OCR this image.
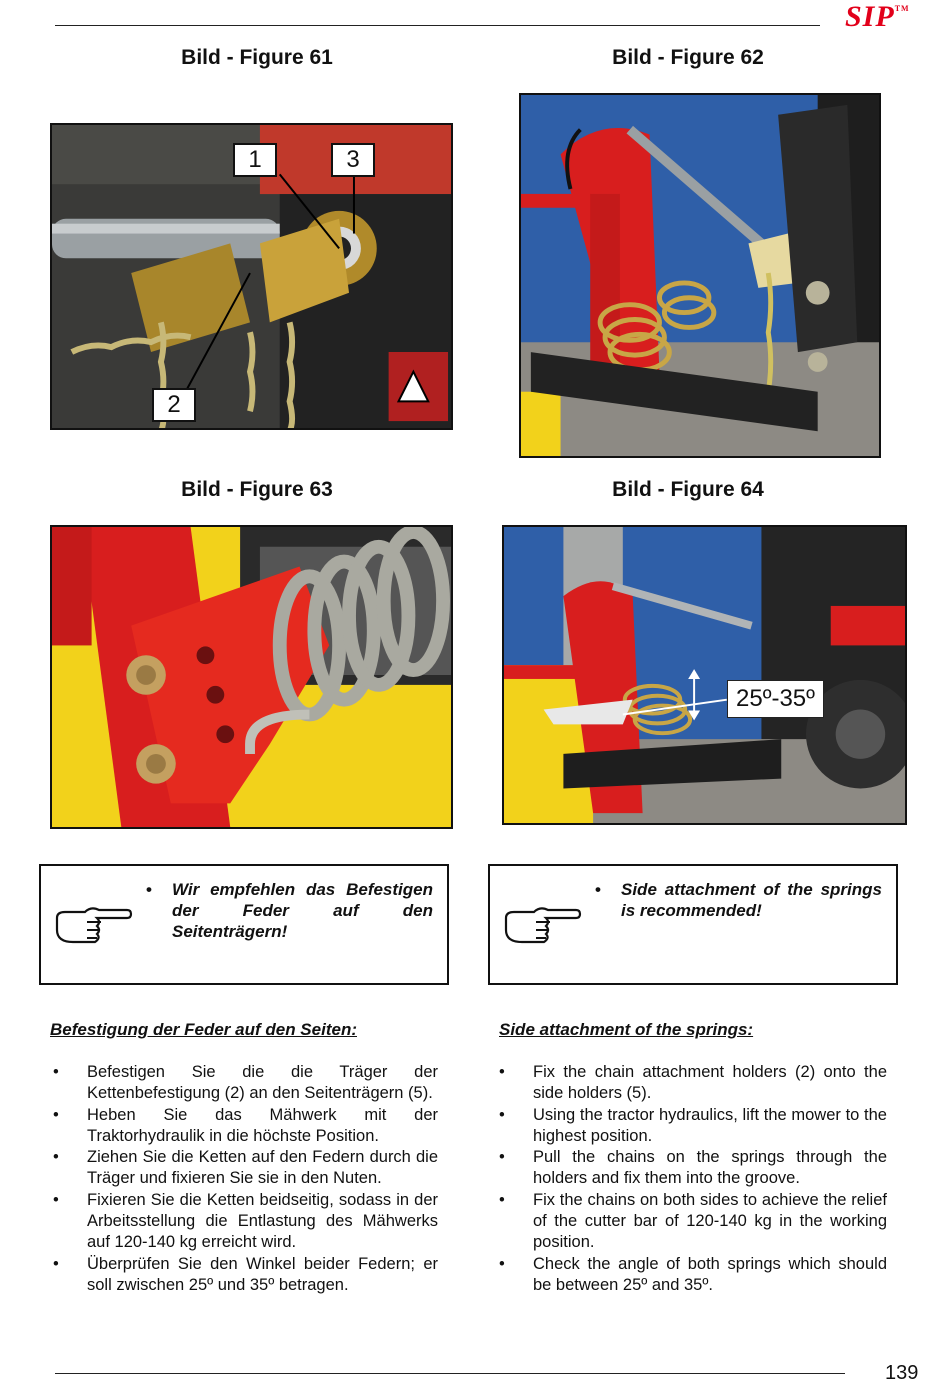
SIP™
Bild - Figure 61	Bild - Figure 62
Bild - Figure 63	Bild - Figure 64
1	3
2
25º-35º
• Wir empfehlen das Befestigen der Feder auf den Seitenträgern!
• Side attachment of the springs is recommended!
Befestigung der Feder auf den Seiten:	Side attachment of the springs:
• Befestigen Sie die die Träger der Kettenbefestigung (2) an den Seitenträgern (5).
• Heben Sie das Mähwerk mit der Traktorhydraulik in die höchste Position.
• Ziehen Sie die Ketten auf den Federn durch die Träger und fixieren Sie sie in den Nuten.
• Fixieren Sie die Ketten beidseitig, sodass in der Arbeitsstellung die Entlastung des Mähwerks auf 120-140 kg erreicht wird.
• Überprüfen Sie den Winkel beider Federn; er soll zwischen 25º und 35º betragen.
• Fix the chain attachment holders (2) onto the side holders (5).
• Using the tractor hydraulics, lift the mower to the highest position.
• Pull the chains on the springs through the holders and fix them into the groove.
• Fix the chains on both sides to achieve the relief of the cutter bar of 120-140 kg in the working position.
• Check the angle of both springs which should be between 25º and 35º.
139
